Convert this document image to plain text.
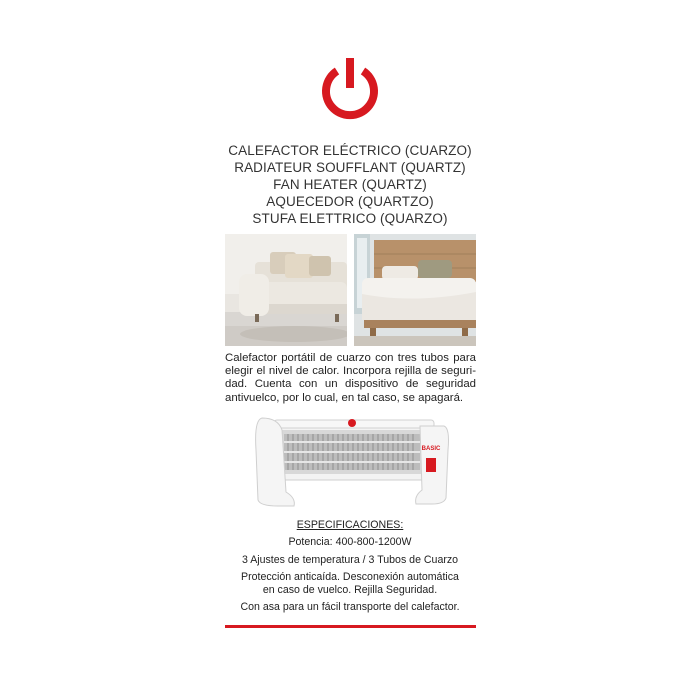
CALEFACTOR ELÉCTRICO (CUARZO)
RADIATEUR SOUFFLANT (QUARTZ)
FAN HEATER (QUARTZ)
AQUECEDOR (QUARTZO)
STUFA ELETTRICO (QUARZO)
Calefactor portátil de cuarzo con tres tubos para
elegir el nivel de calor. Incorpora rejilla de seguri-
dad. Cuenta con un dispositivo de seguridad
antivuelco, por lo cual, en tal caso, se apagará.
BASIC
ESPECIFICACIONES:
Potencia: 400-800-1200W
3 Ajustes de temperatura / 3 Tubos de Cuarzo
Protección anticaída. Desconexión automática
en caso de vuelco. Rejilla Seguridad.
Con asa para un fácil transporte del calefactor.
